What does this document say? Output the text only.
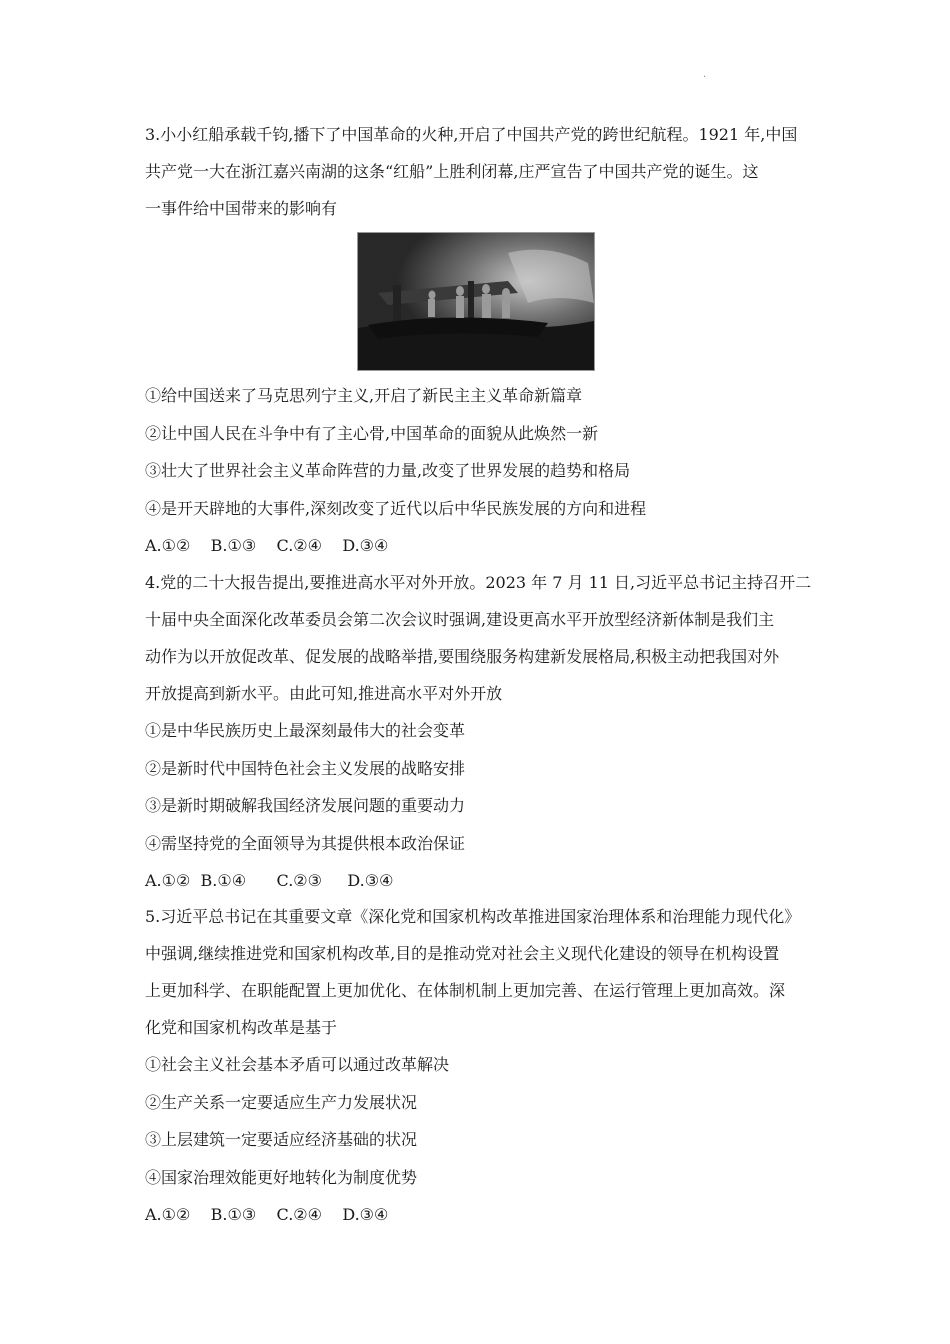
·
3.小小红船承载千钧,播下了中国革命的火种,开启了中国共产党的跨世纪航程。1921 年,中国
共产党一大在浙江嘉兴南湖的这条“红船”上胜利闭幕,庄严宣告了中国共产党的诞生。这
一事件给中国带来的影响有
①给中国送来了马克思列宁主义,开启了新民主主义革命新篇章
②让中国人民在斗争中有了主心骨,中国革命的面貌从此焕然一新
③壮大了世界社会主义革命阵营的力量,改变了世界发展的趋势和格局
④是开天辟地的大事件,深刻改变了近代以后中华民族发展的方向和进程
A.①②    B.①③    C.②④    D.③④
4.党的二十大报告提出,要推进高水平对外开放。2023 年 7 月 11 日,习近平总书记主持召开二
十届中央全面深化改革委员会第二次会议时强调,建设更高水平开放型经济新体制是我们主
动作为以开放促改革、促发展的战略举措,要围绕服务构建新发展格局,积极主动把我国对外
开放提高到新水平。由此可知,推进高水平对外开放
①是中华民族历史上最深刻最伟大的社会变革
②是新时代中国特色社会主义发展的战略安排
③是新时期破解我国经济发展问题的重要动力
④需坚持党的全面领导为其提供根本政治保证
A.①②  B.①④      C.②③     D.③④
5.习近平总书记在其重要文章《深化党和国家机构改革推进国家治理体系和治理能力现代化》
中强调,继续推进党和国家机构改革,目的是推动党对社会主义现代化建设的领导在机构设置
上更加科学、在职能配置上更加优化、在体制机制上更加完善、在运行管理上更加高效。深
化党和国家机构改革是基于
①社会主义社会基本矛盾可以通过改革解决
②生产关系一定要适应生产力发展状况
③上层建筑一定要适应经济基础的状况
④国家治理效能更好地转化为制度优势
A.①②    B.①③    C.②④    D.③④
